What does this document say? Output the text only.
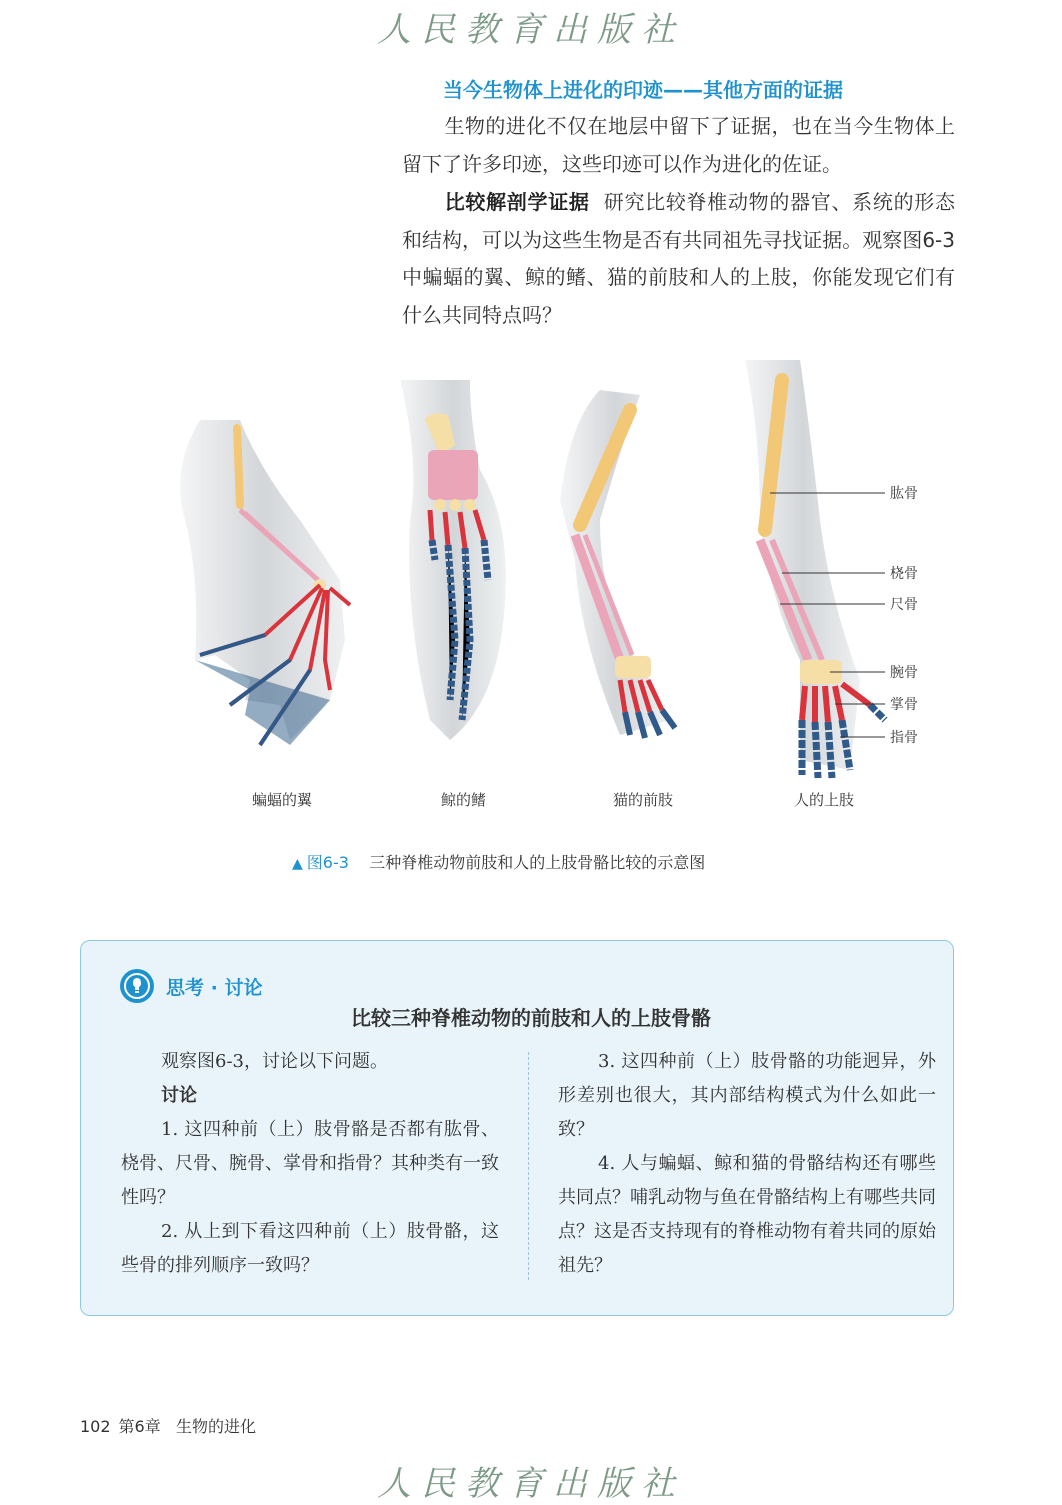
人民教育出版社
当今生物体上进化的印迹——其他方面的证据
生物的进化不仅在地层中留下了证据，也在当今生物体上留下了许多印迹，这些印迹可以作为进化的佐证。
比较解剖学证据 研究比较脊椎动物的器官、系统的形态和结构，可以为这些生物是否有共同祖先寻找证据。观察图6-3中蝙蝠的翼、鲸的鳍、猫的前肢和人的上肢，你能发现它们有什么共同特点吗？
肱骨
桡骨
尺骨
腕骨
掌骨
指骨
蝙蝠的翼	鲸的鳍	猫的前肢	人的上肢
▲ 图6-3 三种脊椎动物前肢和人的上肢骨骼比较的示意图
思考 · 讨论
比较三种脊椎动物的前肢和人的上肢骨骼
观察图6-3，讨论以下问题。
讨论
1. 这四种前（上）肢骨骼是否都有肱骨、桡骨、尺骨、腕骨、掌骨和指骨？其种类有一致性吗？
2. 从上到下看这四种前（上）肢骨骼，这些骨的排列顺序一致吗？
3. 这四种前（上）肢骨骼的功能迥异，外形差别也很大，其内部结构模式为什么如此一致？
4. 人与蝙蝠、鲸和猫的骨骼结构还有哪些共同点？哺乳动物与鱼在骨骼结构上有哪些共同点？这是否支持现有的脊椎动物有着共同的原始祖先？
102 第6章 生物的进化
人民教育出版社
